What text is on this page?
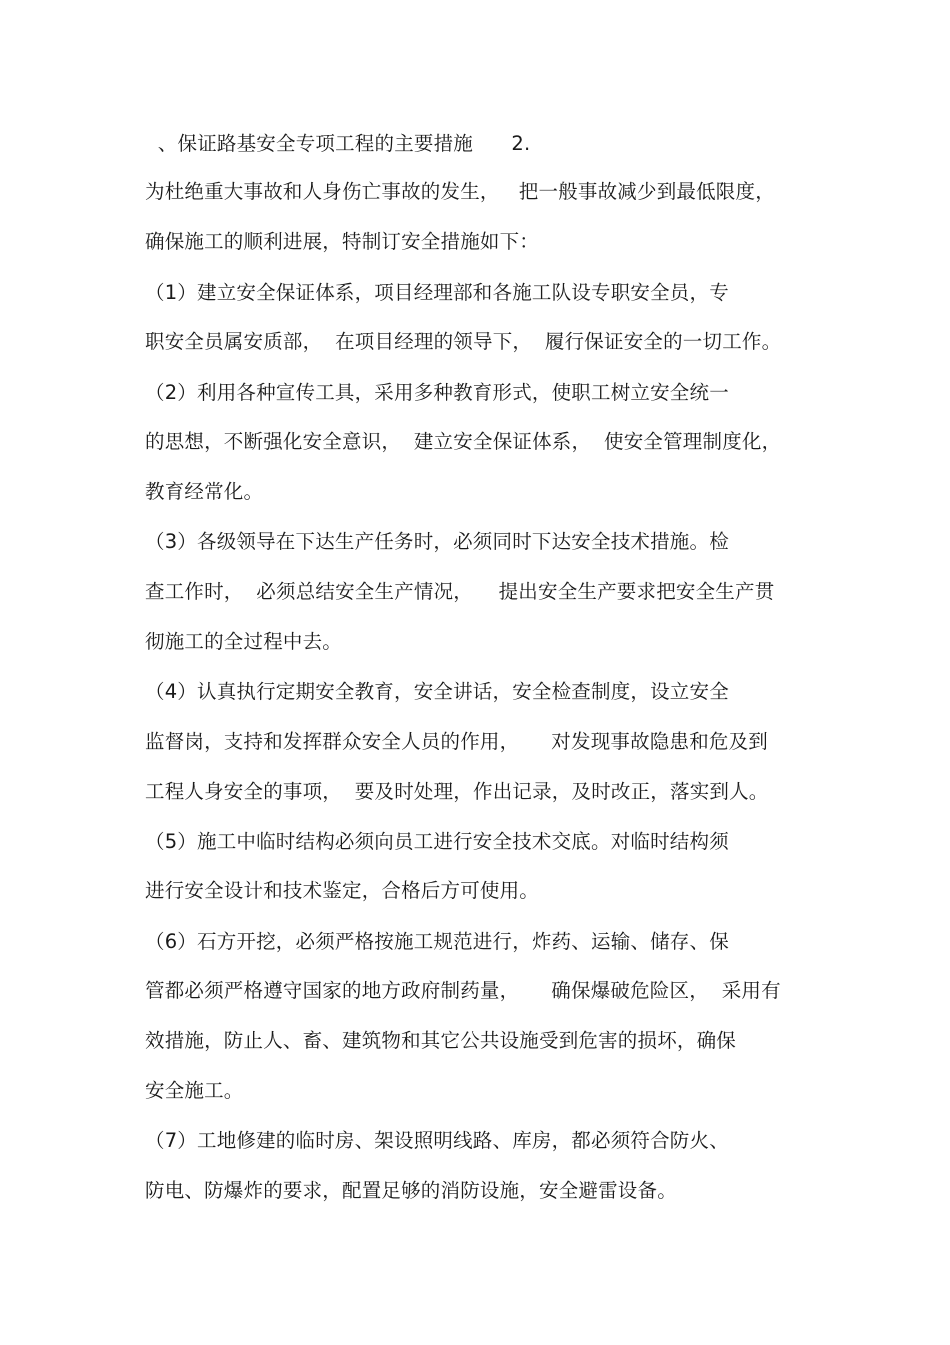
、保证路基安全专项工程的主要措施      2.
为杜绝重大事故和人身伤亡事故的发生，   把一般事故减少到最低限度，
确保施工的顺利进展，特制订安全措施如下：
（1）建立安全保证体系，项目经理部和各施工队设专职安全员，专
职安全员属安质部，  在项目经理的领导下，  履行保证安全的一切工作。
（2）利用各种宣传工具，采用多种教育形式，使职工树立安全统一
的思想，不断强化安全意识，  建立安全保证体系，  使安全管理制度化，
教育经常化。
（3）各级领导在下达生产任务时，必须同时下达安全技术措施。检
查工作时，  必须总结安全生产情况，    提出安全生产要求把安全生产贯
彻施工的全过程中去。
（4）认真执行定期安全教育，安全讲话，安全检查制度，设立安全
监督岗，支持和发挥群众安全人员的作用，     对发现事故隐患和危及到
工程人身安全的事项，  要及时处理，作出记录，及时改正，落实到人。
（5）施工中临时结构必须向员工进行安全技术交底。对临时结构须
进行安全设计和技术鉴定，合格后方可使用。
（6）石方开挖，必须严格按施工规范进行，炸药、运输、储存、保
管都必须严格遵守国家的地方政府制药量，     确保爆破危险区，  采用有
效措施，防止人、畜、建筑物和其它公共设施受到危害的损坏，确保
安全施工。
（7）工地修建的临时房、架设照明线路、库房，都必须符合防火、
防电、防爆炸的要求，配置足够的消防设施，安全避雷设备。
